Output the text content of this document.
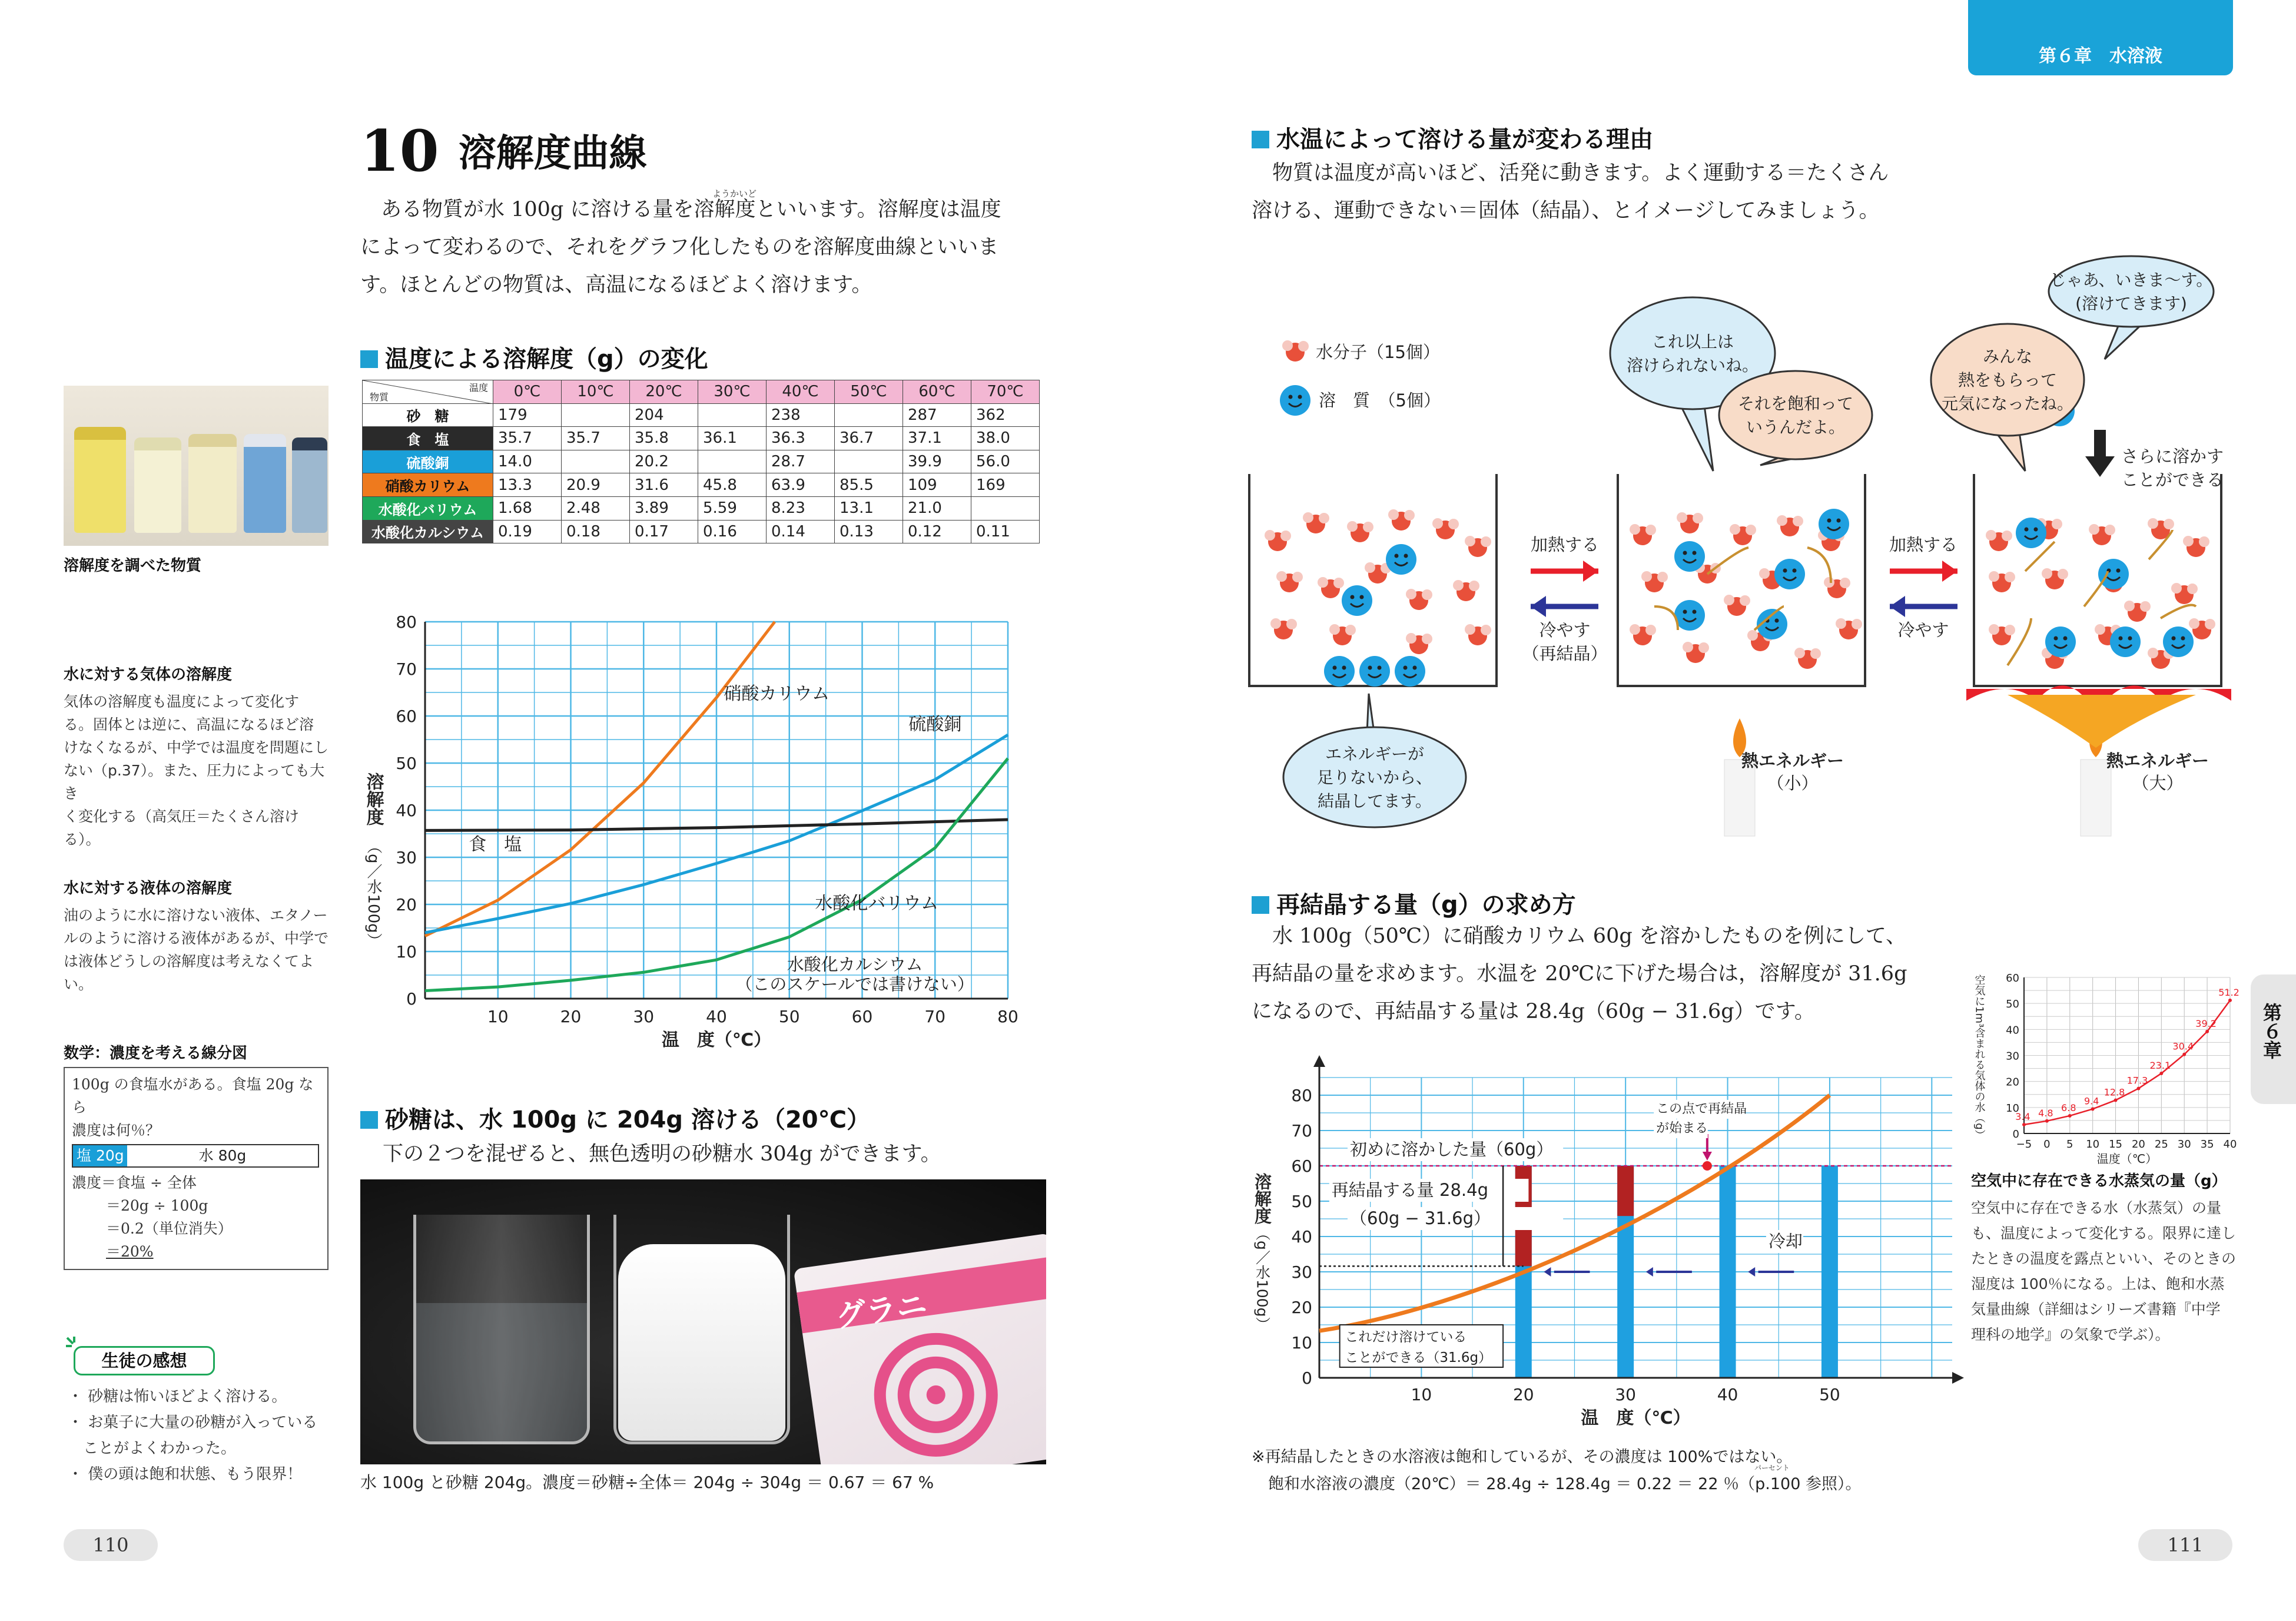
第６章　水溶液
第６章
110	111
10 溶解度曲線
ようかいど
ある物質が水 100g に溶ける量を溶解度といいます。溶解度は温度
によって変わるので、それをグラフ化したものを溶解度曲線といいま
す。ほとんどの物質は、高温になるほどよく溶けます。
温度による溶解度（g）の変化
温度
物質	0℃	10℃	20℃	30℃	40℃	50℃	60℃	70℃
砂　糖	179		204		238		287	362
食　塩	35.7	35.7	35.8	36.1	36.3	36.7	37.1	38.0
硫酸銅	14.0		20.2		28.7		39.9	56.0
硝酸カリウム	13.3	20.9	31.6	45.8	63.9	85.5	109	169
水酸化バリウム	1.68	2.48	3.89	5.59	8.23	13.1	21.0	
水酸化カルシウム	0.19	0.18	0.17	0.16	0.14	0.13	0.12	0.11
0
10
20
30
40
50
60
70
80
10	20	30	40	50	60	70	80
硝酸カリウム
硫酸銅
食　塩
水酸化バリウム
水酸化カルシウム
（このスケールでは書けない）
温　度（℃）
溶解度
（g／水100g）
砂糖は、水 100g に 204g 溶ける（20℃）
下の２つを混ぜると、無色透明の砂糖水 304g ができます。
グラニ
水 100g と砂糖 204g。濃度＝砂糖÷全体＝ 204g ÷ 304g ＝ 0.67 ＝ 67 %
溶解度を調べた物質
水に対する気体の溶解度
気体の溶解度も温度によって変化す
る。固体とは逆に、高温になるほど溶
けなくなるが、中学では温度を問題にし
ない（p.37）。また、圧力によっても大き
く変化する（高気圧＝たくさん溶ける）。
水に対する液体の溶解度
油のように水に溶けない液体、エタノー
ルのように溶ける液体があるが、中学で
は液体どうしの溶解度は考えなくてよい。
数学：濃度を考える線分図
100g の食塩水がある。食塩 20g なら
濃度は何％？
塩 20g	水 80g
濃度＝食塩 ÷ 全体
＝20g ÷ 100g
＝0.2（単位消失）
＝20%
生徒の感想
・ 砂糖は怖いほどよく溶ける。
・ お菓子に大量の砂糖が入っている
　ことがよくわかった。
・ 僕の頭は飽和状態、もう限界！
水温によって溶ける量が変わる理由
物質は温度が高いほど、活発に動きます。よく運動する＝たくさん
溶ける、運動できない＝固体（結晶）、とイメージしてみましょう。
水分子（15個）
溶　質　（5個）
加熱する
冷やす
（再結晶）
加熱する
冷やす
さらに溶かす
ことができる
エネルギーが
足りないから、
結晶してます。
これ以上は
溶けられないね。
それを飽和って
いうんだよ。
みんな
熱をもらって
元気になったね。
じゃあ、いきま〜す。
(溶けてきます)
熱エネルギー
（小）
熱エネルギー
（大）
再結晶する量（g）の求め方
水 100g（50℃）に硝酸カリウム 60g を溶かしたものを例にして、
再結晶の量を求めます。水温を 20℃に下げた場合は，溶解度が 31.6g
になるので、再結晶する量は 28.4g（60g − 31.6g）です。
0
10
20
30
40
50
60
70
80
10	20	30	40	50
初めに溶かした量（60g）
再結晶する量 28.4g
（60g − 31.6g）
この点で再結晶
が始まる
冷却
これだけ溶けている
ことができる（31.6g）
温　度（℃）
溶解度
（g／水100g）
※再結晶したときの水溶液は飽和しているが、その濃度は 100%ではない。
飽和水溶液の濃度（20℃）＝ 28.4g ÷ 128.4g ＝ 0.22 ＝ 22 ％（p.100 参照）。
パーセント
0
10
20
30
40
50
60
−5 0 5 10 15 20 25 30 35 40
3.4 4.8 6.8
9.4
12.8
17.3
23.1
30.4
39.2
51.2
温度（℃）
空気に1m³含まれる気体の水（g）
空気中に存在できる水蒸気の量（g）
空気中に存在できる水（水蒸気）の量
も、温度によって変化する。限界に達し
たときの温度を露点といい、そのときの
湿度は 100％になる。上は、飽和水蒸
気量曲線（詳細はシリーズ書籍『中学
理科の地学』の気象で学ぶ）。
